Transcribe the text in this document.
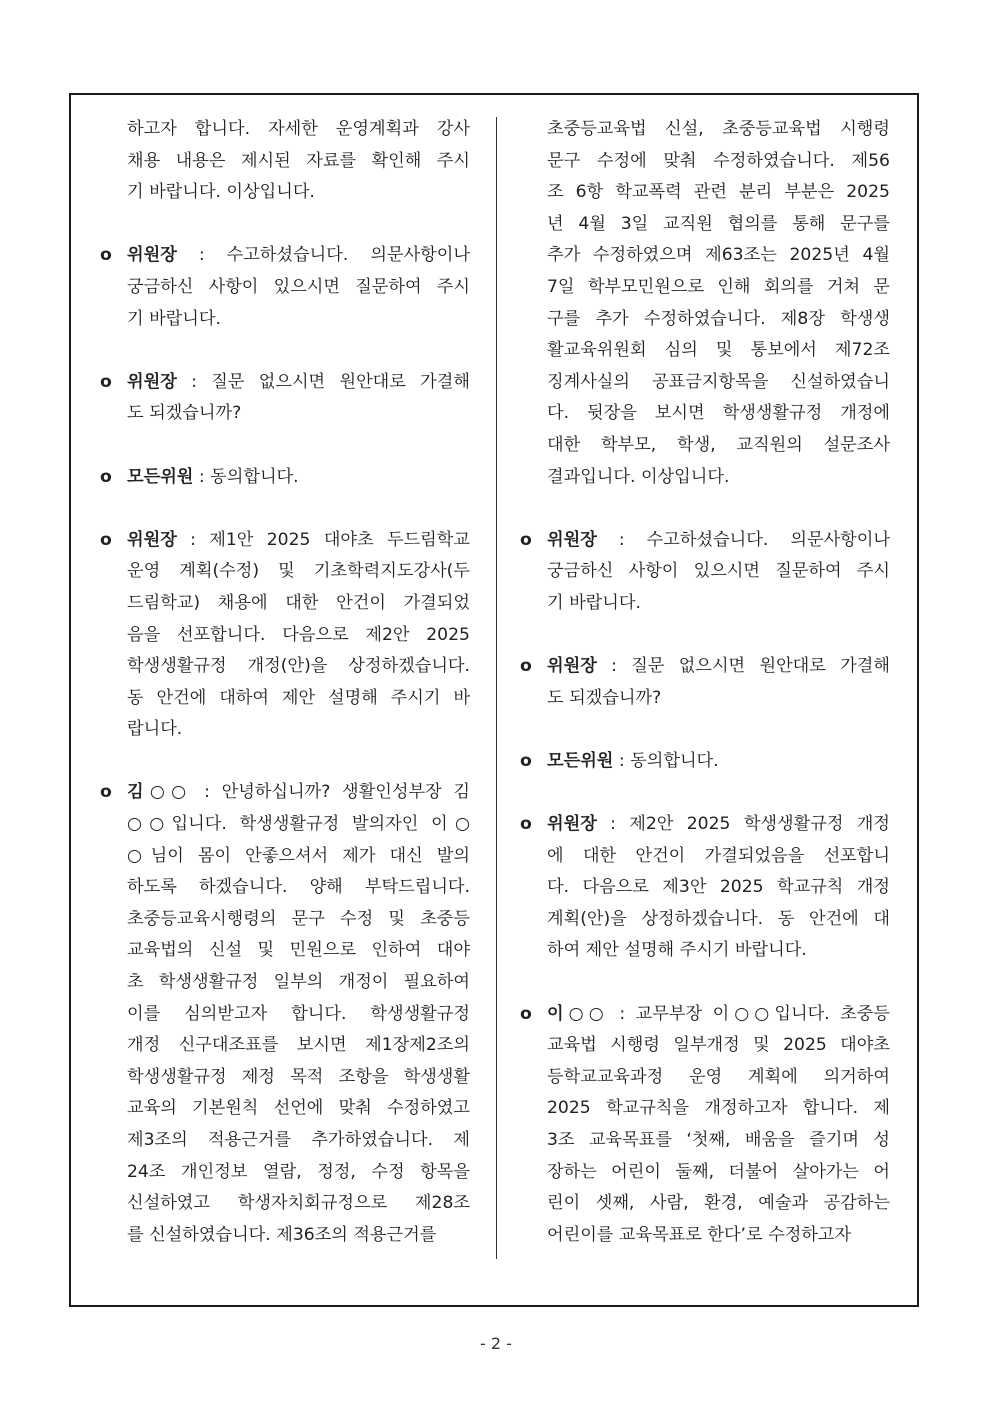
하고자 합니다. 자세한 운영계획과 강사
채용 내용은 제시된 자료를 확인해 주시
기 바랍니다. 이상입니다.
o 위원장 : 수고하셨습니다. 의문사항이나
궁금하신 사항이 있으시면 질문하여 주시
기 바랍니다.
o 위원장 : 질문 없으시면 원안대로 가결해
도 되겠습니까?
o 모든위원 : 동의합니다.
o 위원장 : 제1안 2025 대야초 두드림학교
운영 계획(수정) 및 기초학력지도강사(두
드림학교) 채용에 대한 안건이 가결되었
음을 선포합니다. 다음으로 제2안 2025
학생생활규정 개정(안)을 상정하겠습니다.
동 안건에 대하여 제안 설명해 주시기 바
랍니다.
o 김○○ : 안녕하십니까? 생활인성부장 김
○○입니다. 학생생활규정 발의자인 이○
○님이 몸이 안좋으셔서 제가 대신 발의
하도록 하겠습니다. 양해 부탁드립니다.
초중등교육시행령의 문구 수정 및 초중등
교육법의 신설 및 민원으로 인하여 대야
초 학생생활규정 일부의 개정이 필요하여
이를 심의받고자 합니다. 학생생활규정
개정 신구대조표를 보시면 제1장제2조의
학생생활규정 제정 목적 조항을 학생생활
교육의 기본원칙 선언에 맞춰 수정하였고
제3조의 적용근거를 추가하였습니다. 제
24조 개인정보 열람, 정정, 수정 항목을
신설하였고 학생자치회규정으로 제28조
를 신설하였습니다. 제36조의 적용근거를
초중등교육법 신설, 초중등교육법 시행령
문구 수정에 맞춰 수정하였습니다. 제56
조 6항 학교폭력 관련 분리 부분은 2025
년 4월 3일 교직원 협의를 통해 문구를
추가 수정하였으며 제63조는 2025년 4월
7일 학부모민원으로 인해 회의를 거쳐 문
구를 추가 수정하였습니다. 제8장 학생생
활교육위원회 심의 및 통보에서 제72조
징계사실의 공표금지항목을 신설하였습니
다. 뒷장을 보시면 학생생활규정 개정에
대한 학부모, 학생, 교직원의 설문조사
결과입니다. 이상입니다.
o 위원장 : 수고하셨습니다. 의문사항이나
궁금하신 사항이 있으시면 질문하여 주시
기 바랍니다.
o 위원장 : 질문 없으시면 원안대로 가결해
도 되겠습니까?
o 모든위원 : 동의합니다.
o 위원장 : 제2안 2025 학생생활규정 개정
에 대한 안건이 가결되었음을 선포합니
다. 다음으로 제3안 2025 학교규칙 개정
계획(안)을 상정하겠습니다. 동 안건에 대
하여 제안 설명해 주시기 바랍니다.
o 이○○ : 교무부장 이○○입니다. 초중등
교육법 시행령 일부개정 및 2025 대야초
등학교교육과정 운영 계획에 의거하여
2025 학교규칙을 개정하고자 합니다. 제
3조 교육목표를 ‘첫째, 배움을 즐기며 성
장하는 어린이 둘째, 더불어 살아가는 어
린이 셋째, 사람, 환경, 예술과 공감하는
어린이를 교육목표로 한다’로 수정하고자
- 2 -
